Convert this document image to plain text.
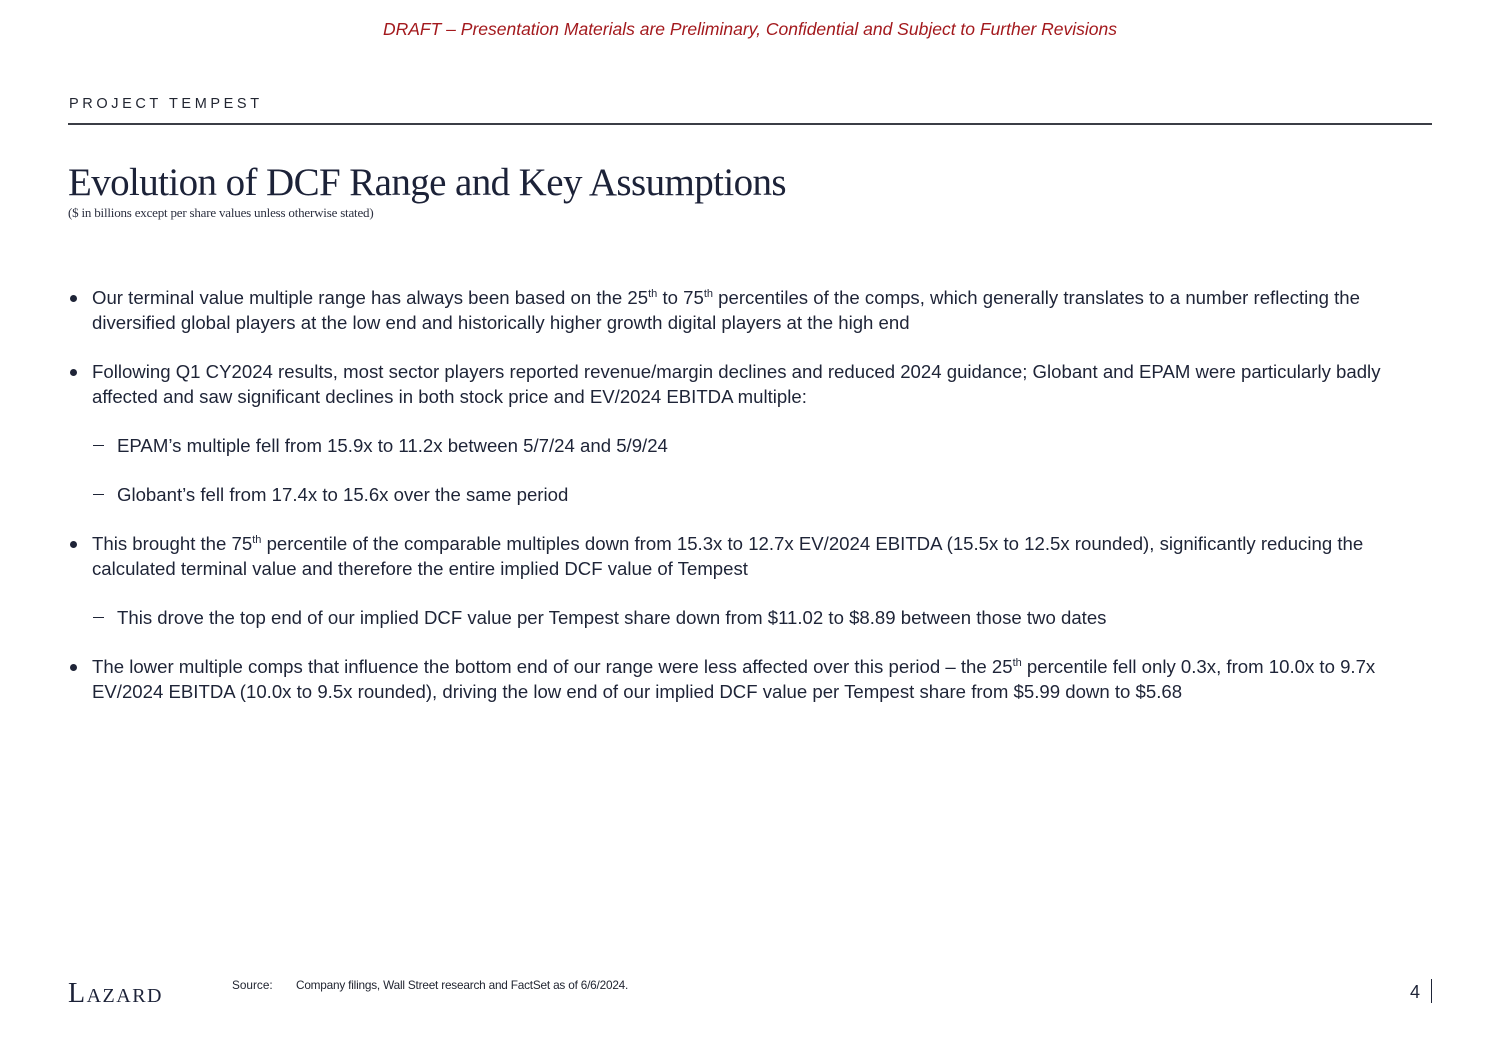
DRAFT – Presentation Materials are Preliminary, Confidential and Subject to Further Revisions
PROJECT TEMPEST
Evolution of DCF Range and Key Assumptions
($ in billions except per share values unless otherwise stated)
Our terminal value multiple range has always been based on the 25th to 75th percentiles of the comps, which generally translates to a number reflecting the diversified global players at the low end and historically higher growth digital players at the high end
Following Q1 CY2024 results, most sector players reported revenue/margin declines and reduced 2024 guidance; Globant and EPAM were particularly badly affected and saw significant declines in both stock price and EV/2024 EBITDA multiple:
EPAM’s multiple fell from 15.9x to 11.2x between 5/7/24 and 5/9/24
Globant’s fell from 17.4x to 15.6x over the same period
This brought the 75th percentile of the comparable multiples down from 15.3x to 12.7x EV/2024 EBITDA (15.5x to 12.5x rounded), significantly reducing the calculated terminal value and therefore the entire implied DCF value of Tempest
This drove the top end of our implied DCF value per Tempest share down from $11.02 to $8.89 between those two dates
The lower multiple comps that influence the bottom end of our range were less affected over this period – the 25th percentile fell only 0.3x, from 10.0x to 9.7x EV/2024 EBITDA (10.0x to 9.5x rounded), driving the low end of our implied DCF value per Tempest share from $5.99 down to $5.68
Lazard	Source: Company filings, Wall Street research and FactSet as of 6/6/2024.	4
